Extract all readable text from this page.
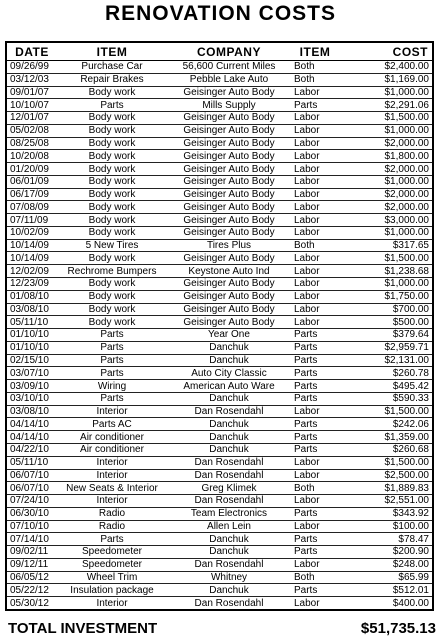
RENOVATION COSTS
DATE	ITEM	COMPANY	ITEM	COST
09/26/99	Purchase Car	56,600 Current Miles	Both	$2,400.00
03/12/03	Repair Brakes	Pebble Lake Auto	Both	$1,169.00
09/01/07	Body work	Geisinger Auto Body	Labor	$1,000.00
10/10/07	Parts	Mills Supply	Parts	$2,291.06
12/01/07	Body work	Geisinger Auto Body	Labor	$1,500.00
05/02/08	Body work	Geisinger Auto Body	Labor	$1,000.00
08/25/08	Body work	Geisinger Auto Body	Labor	$2,000.00
10/20/08	Body work	Geisinger Auto Body	Labor	$1,800.00
01/20/09	Body work	Geisinger Auto Body	Labor	$2,000.00
06/01/09	Body work	Geisinger Auto Body	Labor	$1,000.00
06/17/09	Body work	Geisinger Auto Body	Labor	$2,000.00
07/08/09	Body work	Geisinger Auto Body	Labor	$2,000.00
07/11/09	Body work	Geisinger Auto Body	Labor	$3,000.00
10/02/09	Body work	Geisinger Auto Body	Labor	$1,000.00
10/14/09	5 New Tires	Tires Plus	Both	$317.65
10/14/09	Body work	Geisinger Auto Body	Labor	$1,500.00
12/02/09	Rechrome Bumpers	Keystone Auto Ind	Labor	$1,238.68
12/23/09	Body work	Geisinger Auto Body	Labor	$1,000.00
01/08/10	Body work	Geisinger Auto Body	Labor	$1,750.00
03/08/10	Body work	Geisinger Auto Body	Labor	$700.00
05/11/10	Body work	Geisinger Auto Body	Labor	$500.00
01/10/10	Parts	Year One	Parts	$379.64
01/10/10	Parts	Danchuk	Parts	$2,959.71
02/15/10	Parts	Danchuk	Parts	$2,131.00
03/07/10	Parts	Auto City Classic	Parts	$260.78
03/09/10	Wiring	American Auto Ware	Parts	$495.42
03/10/10	Parts	Danchuk	Parts	$590.33
03/08/10	Interior	Dan Rosendahl	Labor	$1,500.00
04/14/10	Parts AC	Danchuk	Parts	$242.06
04/14/10	Air conditioner	Danchuk	Parts	$1,359.00
04/22/10	Air conditioner	Danchuk	Parts	$260.68
05/11/10	Interior	Dan Rosendahl	Labor	$1,500.00
06/07/10	Interior	Dan Rosendahl	Labor	$2,500.00
06/07/10	New Seats & Interior	Greg Klimek	Both	$1,889.83
07/24/10	Interior	Dan Rosendahl	Labor	$2,551.00
06/30/10	Radio	Team Electronics	Parts	$343.92
07/10/10	Radio	Allen Lein	Labor	$100.00
07/14/10	Parts	Danchuk	Parts	$78.47
09/02/11	Speedometer	Danchuk	Parts	$200.90
09/12/11	Speedometer	Dan Rosendahl	Labor	$248.00
06/05/12	Wheel Trim	Whitney	Both	$65.99
05/22/12	Insulation package	Danchuk	Parts	$512.01
05/30/12	Interior	Dan Rosendahl	Labor	$400.00
TOTAL INVESTMENT	$51,735.13
